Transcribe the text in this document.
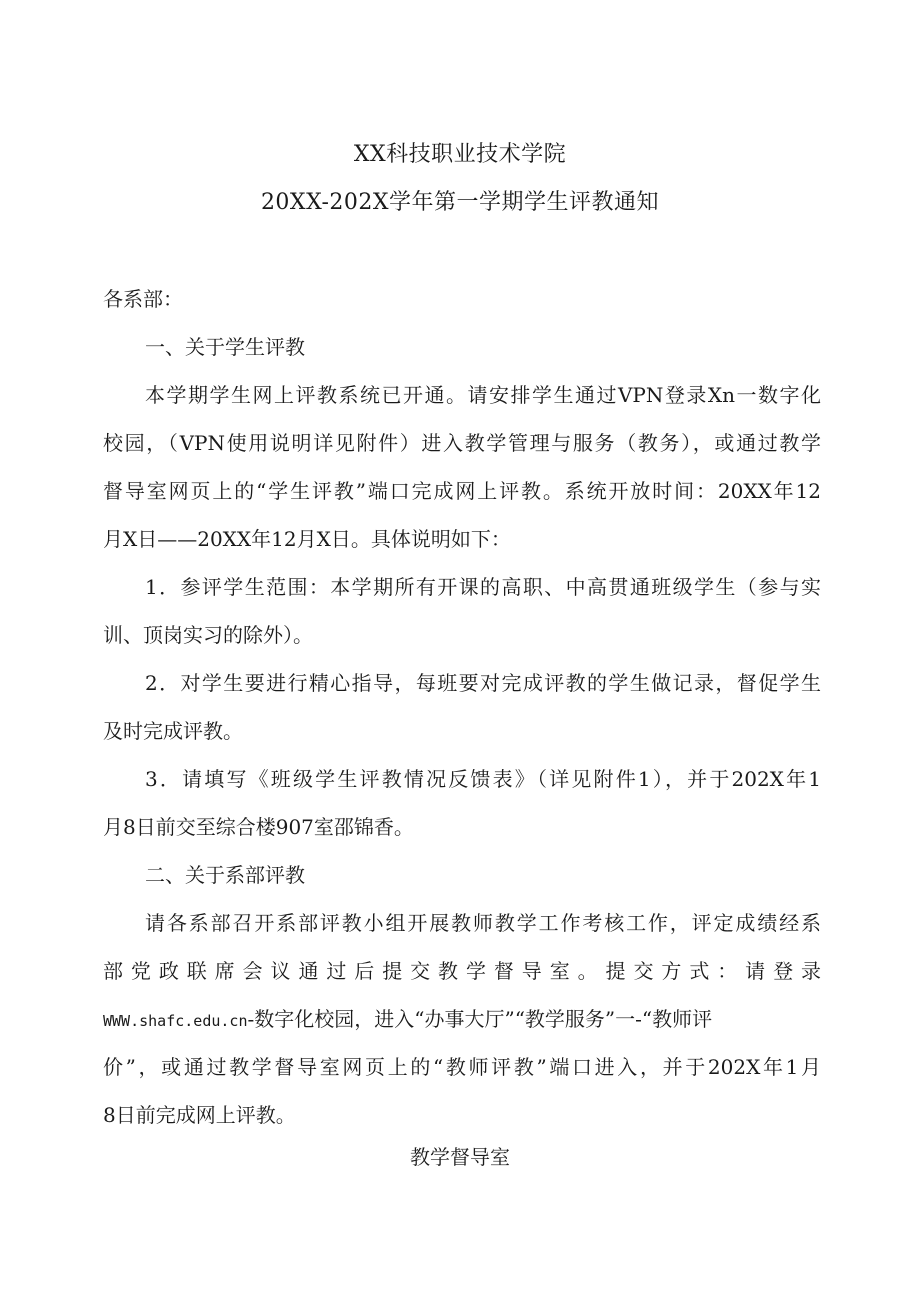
XX科技职业技术学院
20XX-202X学年第一学期学生评教通知
各系部：
一、关于学生评教
本学期学生网上评教系统已开通。请安排学生通过VPN登录Xn一数字化
校园，（VPN使用说明详见附件）进入教学管理与服务（教务），或通过教学
督导室网页上的“学生评教”端口完成网上评教。系统开放时间：20XX年12
月X日——20XX年12月X日。具体说明如下：
1．参评学生范围：本学期所有开课的高职、中高贯通班级学生（参与实
训、顶岗实习的除外）。
2．对学生要进行精心指导，每班要对完成评教的学生做记录，督促学生
及时完成评教。
3．请填写《班级学生评教情况反馈表》（详见附件1），并于202X年1
月8日前交至综合楼907室邵锦香。
二、关于系部评教
请各系部召开系部评教小组开展教师教学工作考核工作，评定成绩经系
部党政联席会议通过后提交教学督导室。提交方式：请登录
WWW.shafc.edu.cn-数字化校园，进入“办事大厅”“教学服务”一-“教师评
价”，或通过教学督导室网页上的“教师评教”端口进入，并于202X年1月
8日前完成网上评教。
教学督导室
